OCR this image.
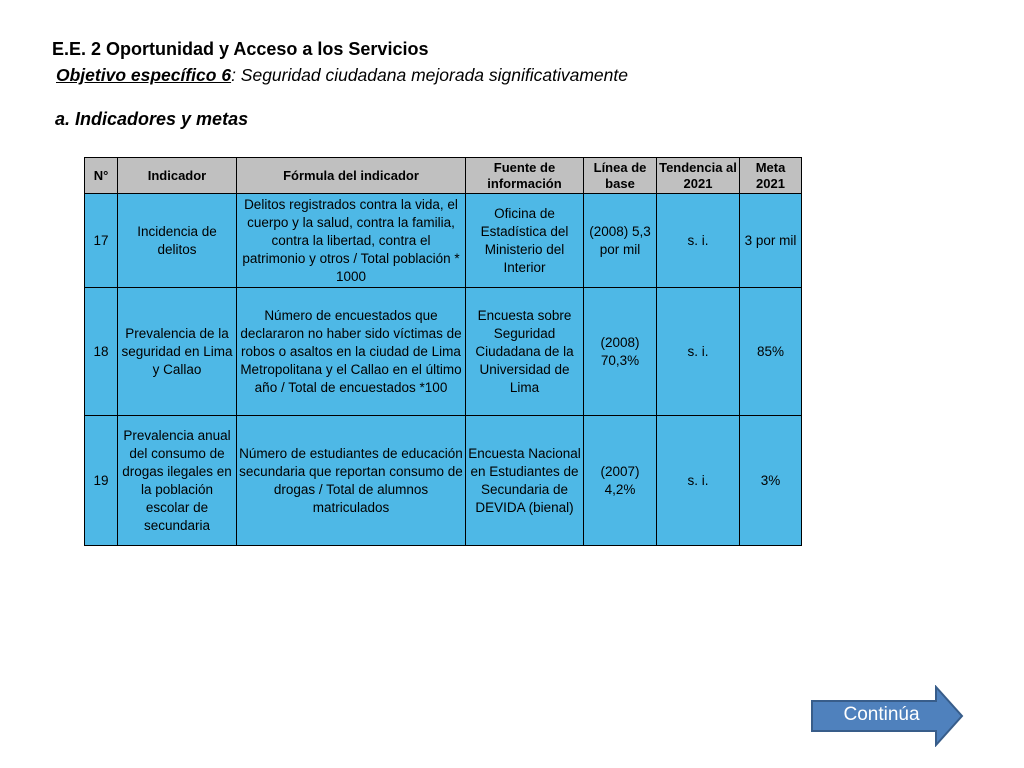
E.E. 2 Oportunidad y Acceso a los Servicios

Objetivo específico 6: Seguridad ciudadana mejorada significativamente

a. Indicadores y metas

N°	Indicador	Fórmula del indicador	Fuente de información	Línea de base	Tendencia al 2021	Meta 2021
17	Incidencia de delitos	Delitos registrados contra la vida, el cuerpo y la salud, contra la familia, contra la libertad, contra el patrimonio y otros / Total población * 1000	Oficina de Estadística del Ministerio del Interior	(2008) 5,3 por mil	s. i.	3 por mil
18	Prevalencia de la seguridad en Lima y Callao	Número de encuestados que declararon no haber sido víctimas de robos o asaltos en la ciudad de Lima Metropolitana y el Callao en el último año / Total de encuestados *100	Encuesta sobre Seguridad Ciudadana de la Universidad de Lima	(2008) 70,3%	s. i.	85%
19	Prevalencia anual del consumo de drogas ilegales en la población escolar de secundaria	Número de estudiantes de educación secundaria que reportan consumo de drogas / Total de alumnos matriculados	Encuesta Nacional en Estudiantes de Secundaria de DEVIDA (bienal)	(2007) 4,2%	s. i.	3%
Continúa
